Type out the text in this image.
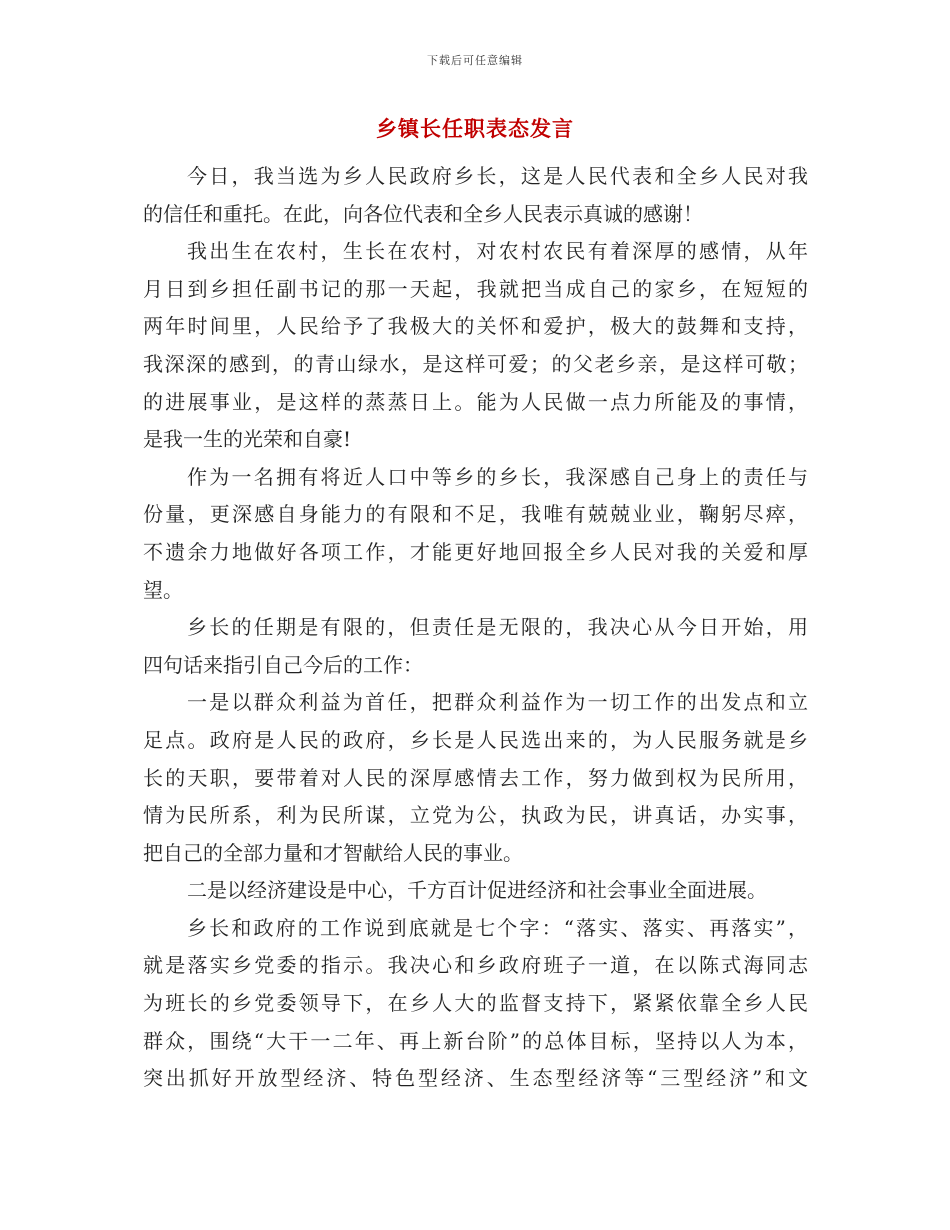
下载后可任意编辑
乡镇长任职表态发言
今日，我当选为乡人民政府乡长，这是人民代表和全乡人民对我
的信任和重托。在此，向各位代表和全乡人民表示真诚的感谢！
我出生在农村，生长在农村，对农村农民有着深厚的感情，从年
月日到乡担任副书记的那一天起，我就把当成自己的家乡，在短短的
两年时间里，人民给予了我极大的关怀和爱护，极大的鼓舞和支持，
我深深的感到，的青山绿水，是这样可爱；的父老乡亲，是这样可敬；
的进展事业，是这样的蒸蒸日上。能为人民做一点力所能及的事情，
是我一生的光荣和自豪!
作为一名拥有将近人口中等乡的乡长，我深感自己身上的责任与
份量，更深感自身能力的有限和不足，我唯有兢兢业业，鞠躬尽瘁，
不遗余力地做好各项工作，才能更好地回报全乡人民对我的关爱和厚
望。
乡长的任期是有限的，但责任是无限的，我决心从今日开始，用
四句话来指引自己今后的工作：
一是以群众利益为首任，把群众利益作为一切工作的出发点和立
足点。政府是人民的政府，乡长是人民选出来的，为人民服务就是乡
长的天职，要带着对人民的深厚感情去工作，努力做到权为民所用，
情为民所系，利为民所谋，立党为公，执政为民，讲真话，办实事，
把自己的全部力量和才智献给人民的事业。
二是以经济建设是中心，千方百计促进经济和社会事业全面进展。
乡长和政府的工作说到底就是七个字：“落实、落实、再落实”，
就是落实乡党委的指示。我决心和乡政府班子一道，在以陈式海同志
为班长的乡党委领导下，在乡人大的监督支持下，紧紧依靠全乡人民
群众，围绕“大干一二年、再上新台阶”的总体目标，坚持以人为本，
突出抓好开放型经济、特色型经济、生态型经济等“三型经济”和文
